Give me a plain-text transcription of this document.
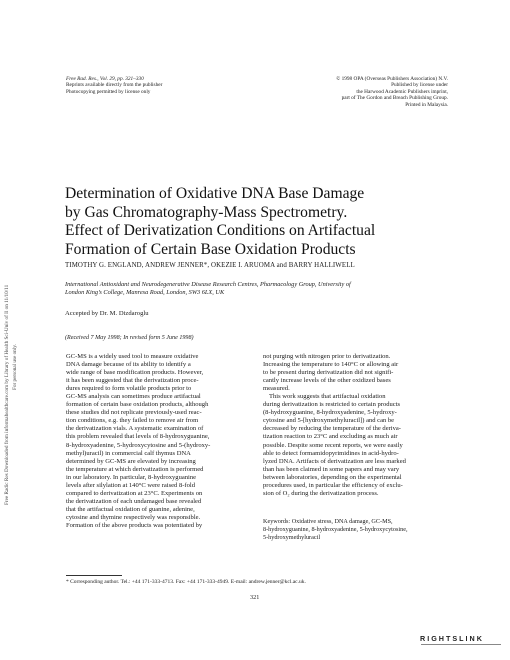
Free Radic Res Downloaded from informahealthcare.com by Library of Health Sci-Univ of Il on 11/10/11 For personal use only.
Free Rad. Res., Vol. 29, pp. 321–330
Reprints available directly from the publisher
Photocopying permitted by license only
© 1998 OPA (Overseas Publishers Association) N.V.
Published by license under
the Harwood Academic Publishers imprint,
part of The Gordon and Breach Publishing Group.
Printed in Malaysia.
Determination of Oxidative DNA Base Damage
by Gas Chromatography-Mass Spectrometry.
Effect of Derivatization Conditions on Artifactual
Formation of Certain Base Oxidation Products
TIMOTHY G. ENGLAND, ANDREW JENNER*, OKEZIE I. ARUOMA and BARRY HALLIWELL
International Antioxidant and Neurodegenerative Disease Research Centres, Pharmacology Group, University of
London King’s College, Manresa Road, London, SW3 6LX, UK
Accepted by Dr. M. Dizdaroglu
(Received 7 May 1998; In revised form 5 June 1998)
GC-MS is a widely used tool to measure oxidative
DNA damage because of its ability to identify a
wide range of base modification products. However,
it has been suggested that the derivatization proce-
dures required to form volatile products prior to
GC-MS analysis can sometimes produce artifactual
formation of certain base oxidation products, although
these studies did not replicate previously-used reac-
tion conditions, e.g. they failed to remove air from
the derivatization vials. A systematic examination of
this problem revealed that levels of 8-hydroxyguanine,
8-hydroxyadenine, 5-hydroxycytosine and 5-(hydroxy-
methyl)uracil) in commercial calf thymus DNA
determined by GC-MS are elevated by increasing
the temperature at which derivatization is performed
in our laboratory. In particular, 8-hydroxyguanine
levels after silylation at 140°C were raised 8-fold
compared to derivatization at 23°C. Experiments on
the derivatization of each undamaged base revealed
that the artifactual oxidation of guanine, adenine,
cytosine and thymine respectively was responsible.
Formation of the above products was potentiated by
not purging with nitrogen prior to derivatization.
Increasing the temperature to 140°C or allowing air
to be present during derivatization did not signifi-
cantly increase levels of the other oxidized bases
measured.
This work suggests that artifactual oxidation
during derivatization is restricted to certain products
(8-hydroxyguanine, 8-hydroxyadenine, 5-hydroxy-
cytosine and 5-[hydroxymethyluracil]) and can be
decreased by reducing the temperature of the deriva-
tization reaction to 23°C and excluding as much air
possible. Despite some recent reports, we were easily
able to detect formamidopyrimidines in acid-hydro-
lyzed DNA. Artifacts of derivatization are less marked
than has been claimed in some papers and may vary
between laboratories, depending on the experimental
procedures used, in particular the efficiency of exclu-
sion of O₂ during the derivatization process.
Keywords: Oxidative stress, DNA damage, GC-MS,
8-hydroxyguanine, 8-hydroxyadenine, 5-hydroxycytosine,
5-hydroxymethyluracil
* Corresponding author. Tel.: +44 171-333-4713. Fax: +44 171-333-4949. E-mail: andrew.jenner@kcl.ac.uk.
321
RIGHTSLINK
